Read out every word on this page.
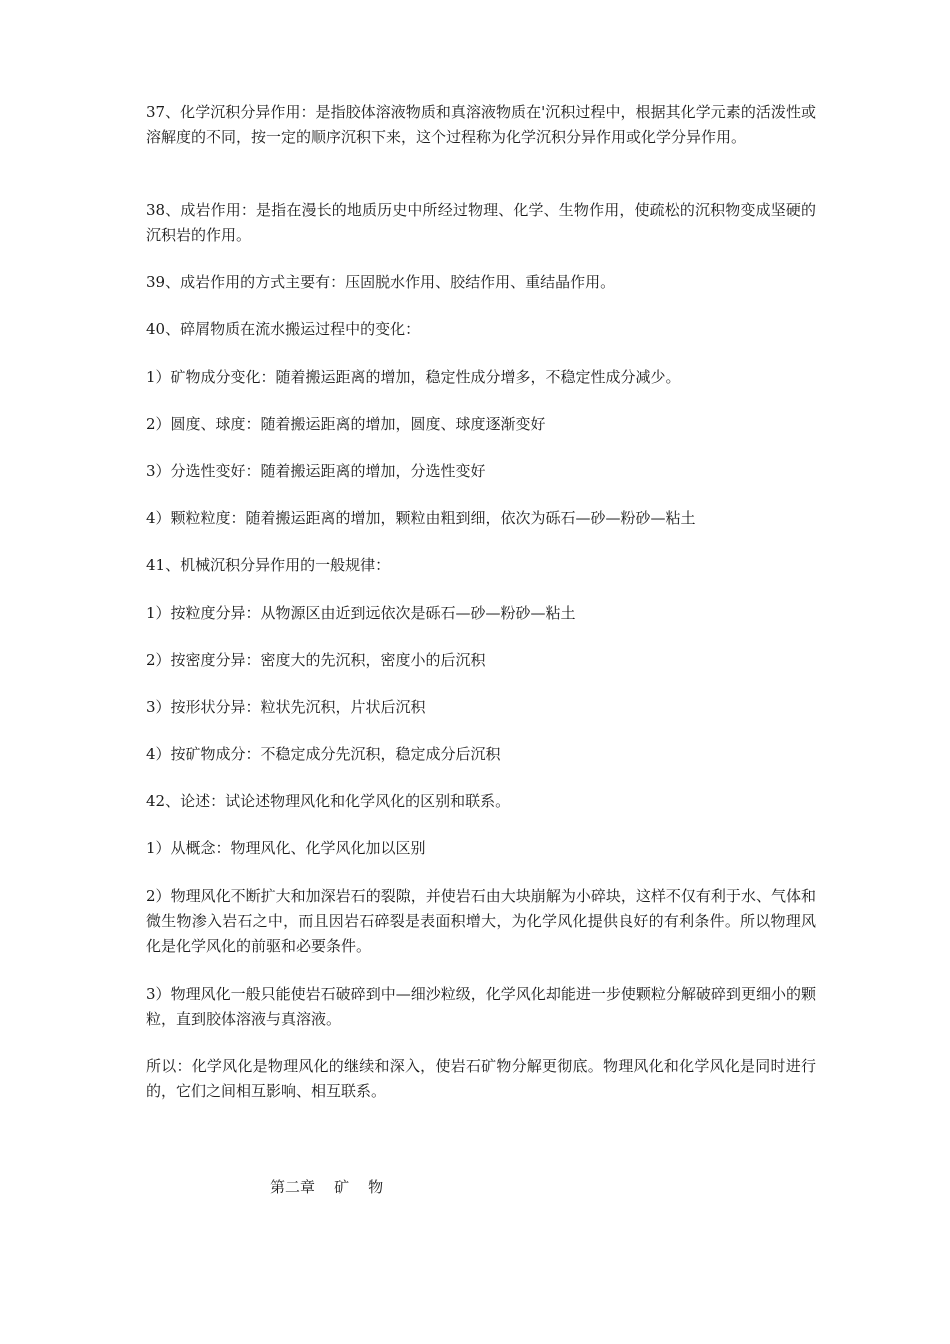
37、化学沉积分异作用：是指胶体溶液物质和真溶液物质在'沉积过程中，根据其化学元素的活泼性或溶解度的不同，按一定的顺序沉积下来，这个过程称为化学沉积分异作用或化学分异作用。

38、成岩作用：是指在漫长的地质历史中所经过物理、化学、生物作用，使疏松的沉积物变成坚硬的沉积岩的作用。

39、成岩作用的方式主要有：压固脱水作用、胶结作用、重结晶作用。

40、碎屑物质在流水搬运过程中的变化：

1）矿物成分变化：随着搬运距离的增加，稳定性成分增多，不稳定性成分减少。

2）圆度、球度：随着搬运距离的增加，圆度、球度逐渐变好

3）分选性变好：随着搬运距离的增加，分选性变好

4）颗粒粒度：随着搬运距离的增加，颗粒由粗到细，依次为砾石—砂—粉砂—粘土

41、机械沉积分异作用的一般规律：

1）按粒度分异：从物源区由近到远依次是砾石—砂—粉砂—粘土

2）按密度分异：密度大的先沉积，密度小的后沉积

3）按形状分异：粒状先沉积，片状后沉积

4）按矿物成分：不稳定成分先沉积，稳定成分后沉积

42、论述：试论述物理风化和化学风化的区别和联系。

1）从概念：物理风化、化学风化加以区别

2）物理风化不断扩大和加深岩石的裂隙，并使岩石由大块崩解为小碎块，这样不仅有利于水、气体和微生物渗入岩石之中，而且因岩石碎裂是表面积增大，为化学风化提供良好的有利条件。所以物理风化是化学风化的前驱和必要条件。

3）物理风化一般只能使岩石破碎到中—细沙粒级，化学风化却能进一步使颗粒分解破碎到更细小的颗粒，直到胶体溶液与真溶液。

所以：化学风化是物理风化的继续和深入，使岩石矿物分解更彻底。物理风化和化学风化是同时进行的，它们之间相互影响、相互联系。

第二章    矿    物
